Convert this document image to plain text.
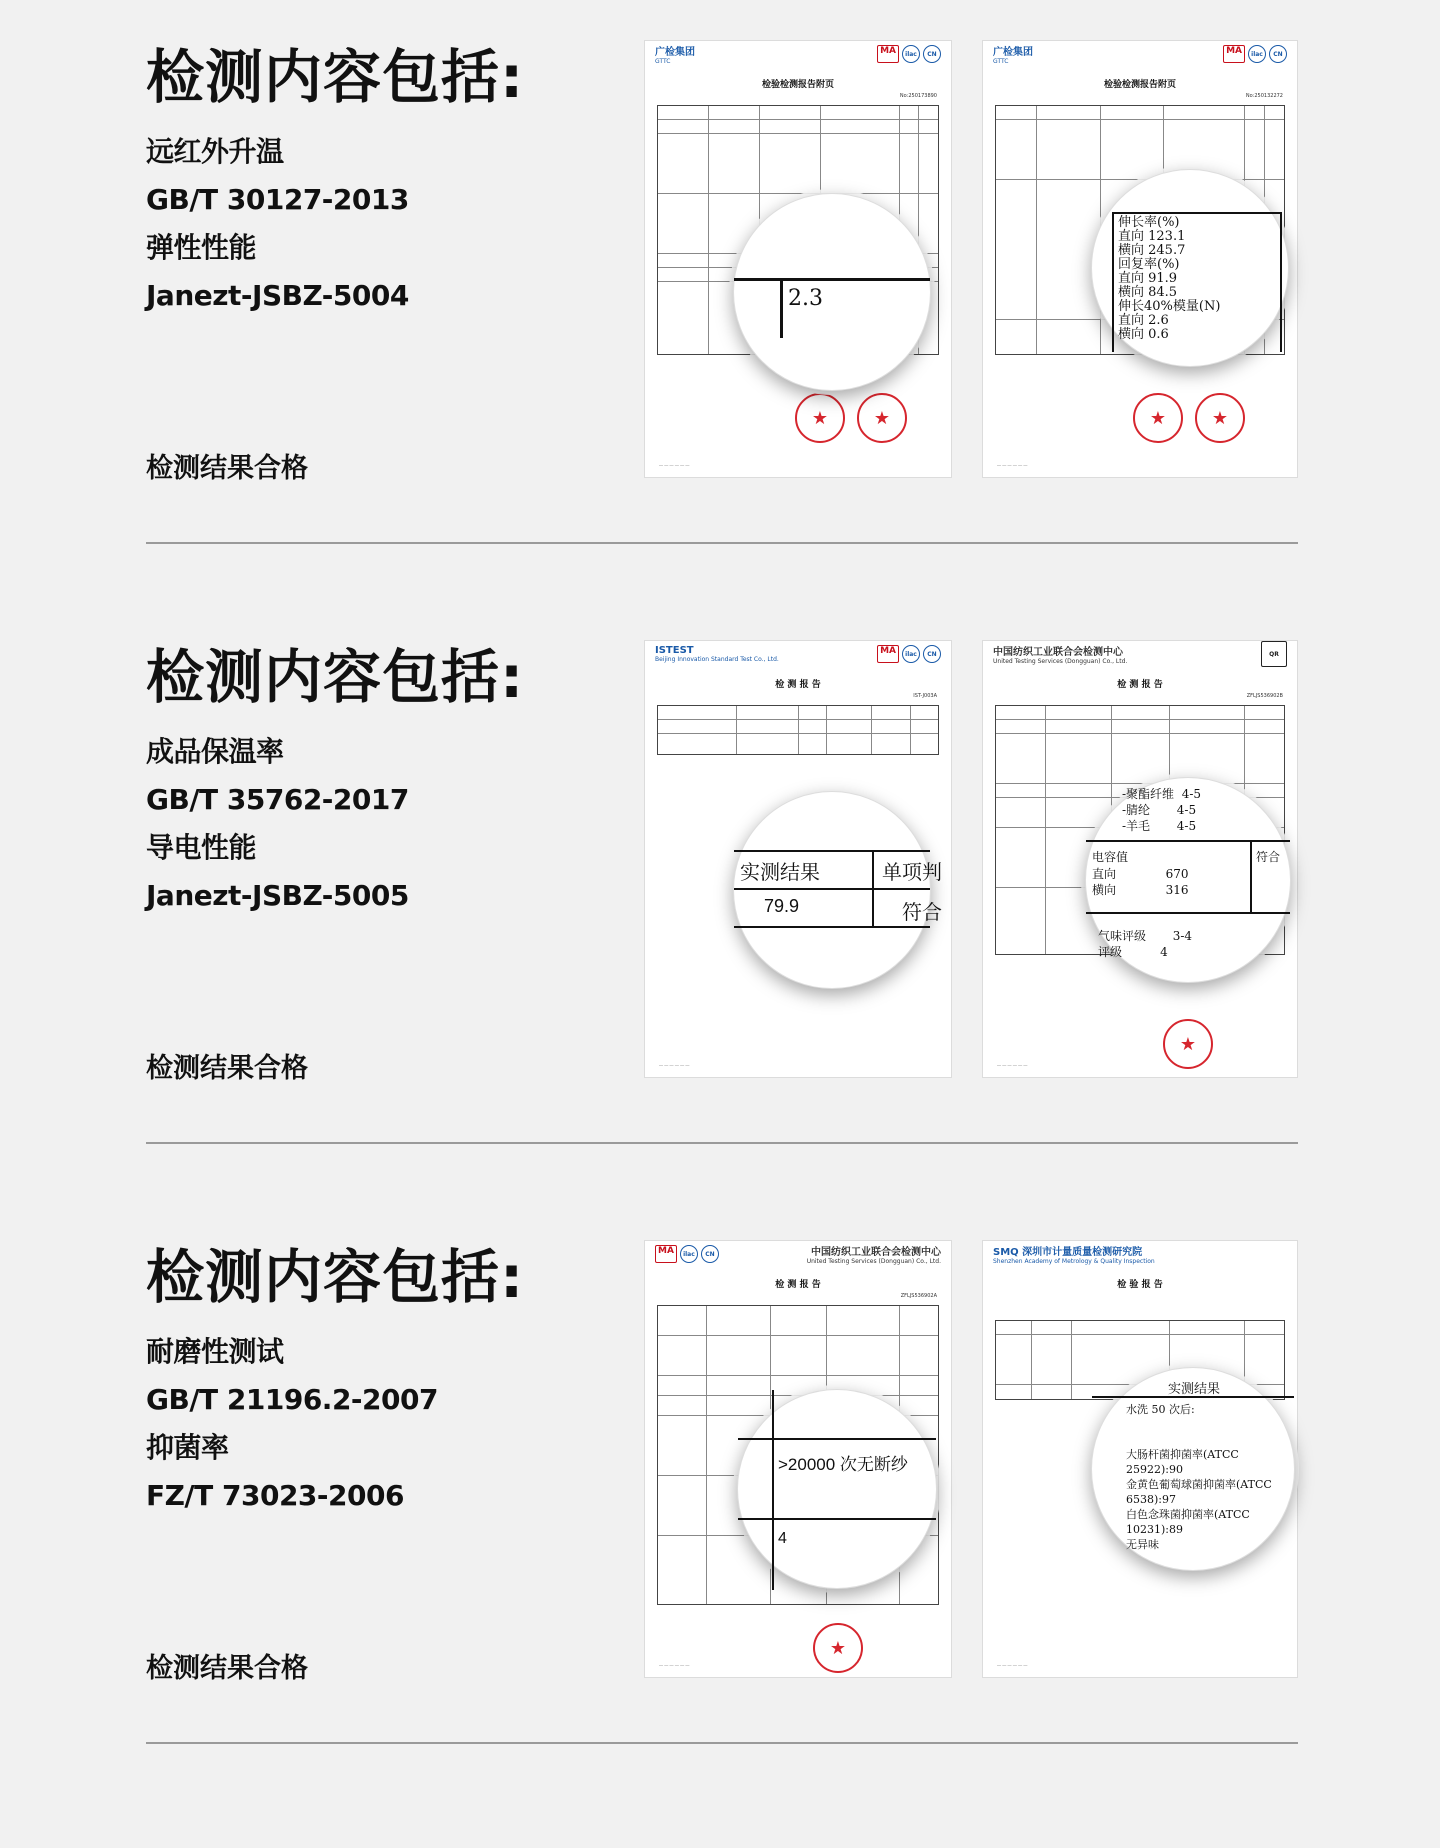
检测内容包括:
远红外升温
GB/T 30127-2013
弹性性能
Janezt-JSBZ-5004
检测结果合格
广检集团
GTTC
MA	ilac	CN
检验检测报告附页
No:250173890
★	★
― ― ― ― ― ―
2.3
广检集团
GTTC
MA	ilac	CN
检验检测报告附页
No:250132272
★	★
― ― ― ― ― ―
伸长率(%)
直向 123.1
横向 245.7
回复率(%)
直向 91.9
横向 84.5
伸长40%模量(N)
直向 2.6
横向 0.6
检测内容包括:
成品保温率
GB/T 35762-2017
导电性能
Janezt-JSBZ-5005
检测结果合格
ISTEST
Beijing Innovation Standard Test Co., Ltd.
MA	ilac	CN
检 测 报 告
IST-J003A
― ― ― ― ― ―
实测结果	单项判
79.9	符合
中国纺织工业联合会检测中心
United Testing Services (Dongguan) Co., Ltd.
QR
检 测 报 告
ZFLJS536902B
★
― ― ― ― ― ―
-聚酯纤维 4-5
-腈纶 4-5
-羊毛 4-5
电容值	符合
直向	670
横向	316
气味评级 3-4
评级	4
检测内容包括:
耐磨性测试
GB/T 21196.2-2007
抑菌率
FZ/T 73023-2006
检测结果合格
MA	ilac	CN	中国纺织工业联合会检测中心
United Testing Services (Dongguan) Co., Ltd.
检 测 报 告
ZFLJS536902A
★
― ― ― ― ― ―
>20000 次无断纱
4
SMQ 深圳市计量质量检测研究院
Shenzhen Academy of Metrology & Quality Inspection
检 验 报 告
― ― ― ― ― ―
实测结果
水洗 50 次后:

大肠杆菌抑菌率(ATCC
25922):90
金黄色葡萄球菌抑菌率(ATCC
6538):97
白色念珠菌抑菌率(ATCC
10231):89
无异味
